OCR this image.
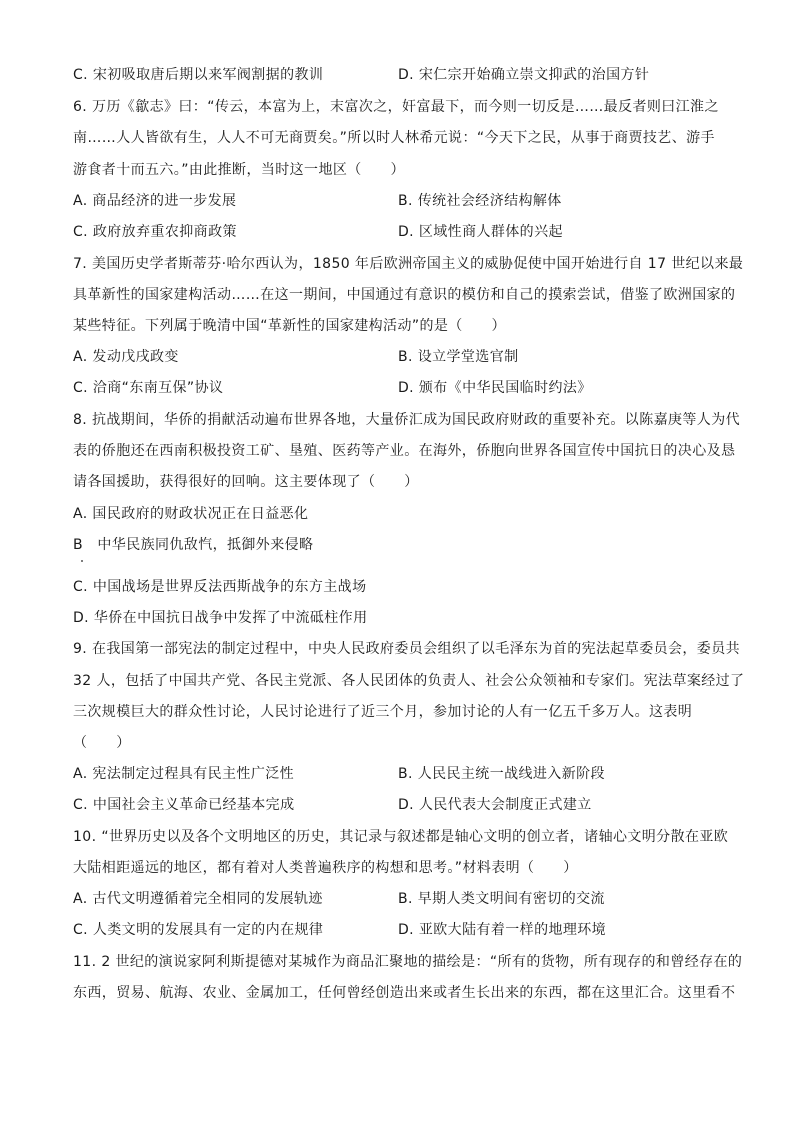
C. 宋初吸取唐后期以来军阀割据的教训	D. 宋仁宗开始确立崇文抑武的治国方针
6. 万历《歙志》曰：“传云，本富为上，末富次之，奸富最下，而今则一切反是……最反者则曰江淮之
南……人人皆欲有生，人人不可无商贾矣。”所以时人林希元说：“今天下之民，从事于商贾技艺、游手
游食者十而五六。”由此推断，当时这一地区（　　）
A. 商品经济的进一步发展	B. 传统社会经济结构解体
C. 政府放弃重农抑商政策	D. 区域性商人群体的兴起
7. 美国历史学者斯蒂芬·哈尔西认为，1850 年后欧洲帝国主义的威胁促使中国开始进行自 17 世纪以来最
具革新性的国家建构活动……在这一期间，中国通过有意识的模仿和自己的摸索尝试，借鉴了欧洲国家的
某些特征。下列属于晚清中国“革新性的国家建构活动”的是（　　）
A. 发动戊戌政变	B. 设立学堂选官制
C. 洽商“东南互保”协议	D. 颁布《中华民国临时约法》
8. 抗战期间，华侨的捐献活动遍布世界各地，大量侨汇成为国民政府财政的重要补充。以陈嘉庚等人为代
表的侨胞还在西南积极投资工矿、垦殖、医药等产业。在海外，侨胞向世界各国宣传中国抗日的决心及恳
请各国援助，获得很好的回响。这主要体现了（　　）
A. 国民政府的财政状况正在日益恶化
B　中华民族同仇敌忾，抵御外来侵略
C. 中国战场是世界反法西斯战争的东方主战场
D. 华侨在中国抗日战争中发挥了中流砥柱作用
9. 在我国第一部宪法的制定过程中，中央人民政府委员会组织了以毛泽东为首的宪法起草委员会，委员共
32 人，包括了中国共产党、各民主党派、各人民团体的负责人、社会公众领袖和专家们。宪法草案经过了
三次规模巨大的群众性讨论，人民讨论进行了近三个月，参加讨论的人有一亿五千多万人。这表明
（　　）
A. 宪法制定过程具有民主性广泛性	B. 人民民主统一战线进入新阶段
C. 中国社会主义革命已经基本完成	D. 人民代表大会制度正式建立
10. “世界历史以及各个文明地区的历史，其记录与叙述都是轴心文明的创立者，诸轴心文明分散在亚欧
大陆相距遥远的地区，都有着对人类普遍秩序的构想和思考。”材料表明（　　）
A. 古代文明遵循着完全相同的发展轨迹	B. 早期人类文明间有密切的交流
C. 人类文明的发展具有一定的内在规律	D. 亚欧大陆有着一样的地理环境
11. 2 世纪的演说家阿利斯提德对某城作为商品汇聚地的描绘是：“所有的货物，所有现存的和曾经存在的
东西，贸易、航海、农业、金属加工，任何曾经创造出来或者生长出来的东西，都在这里汇合。这里看不
